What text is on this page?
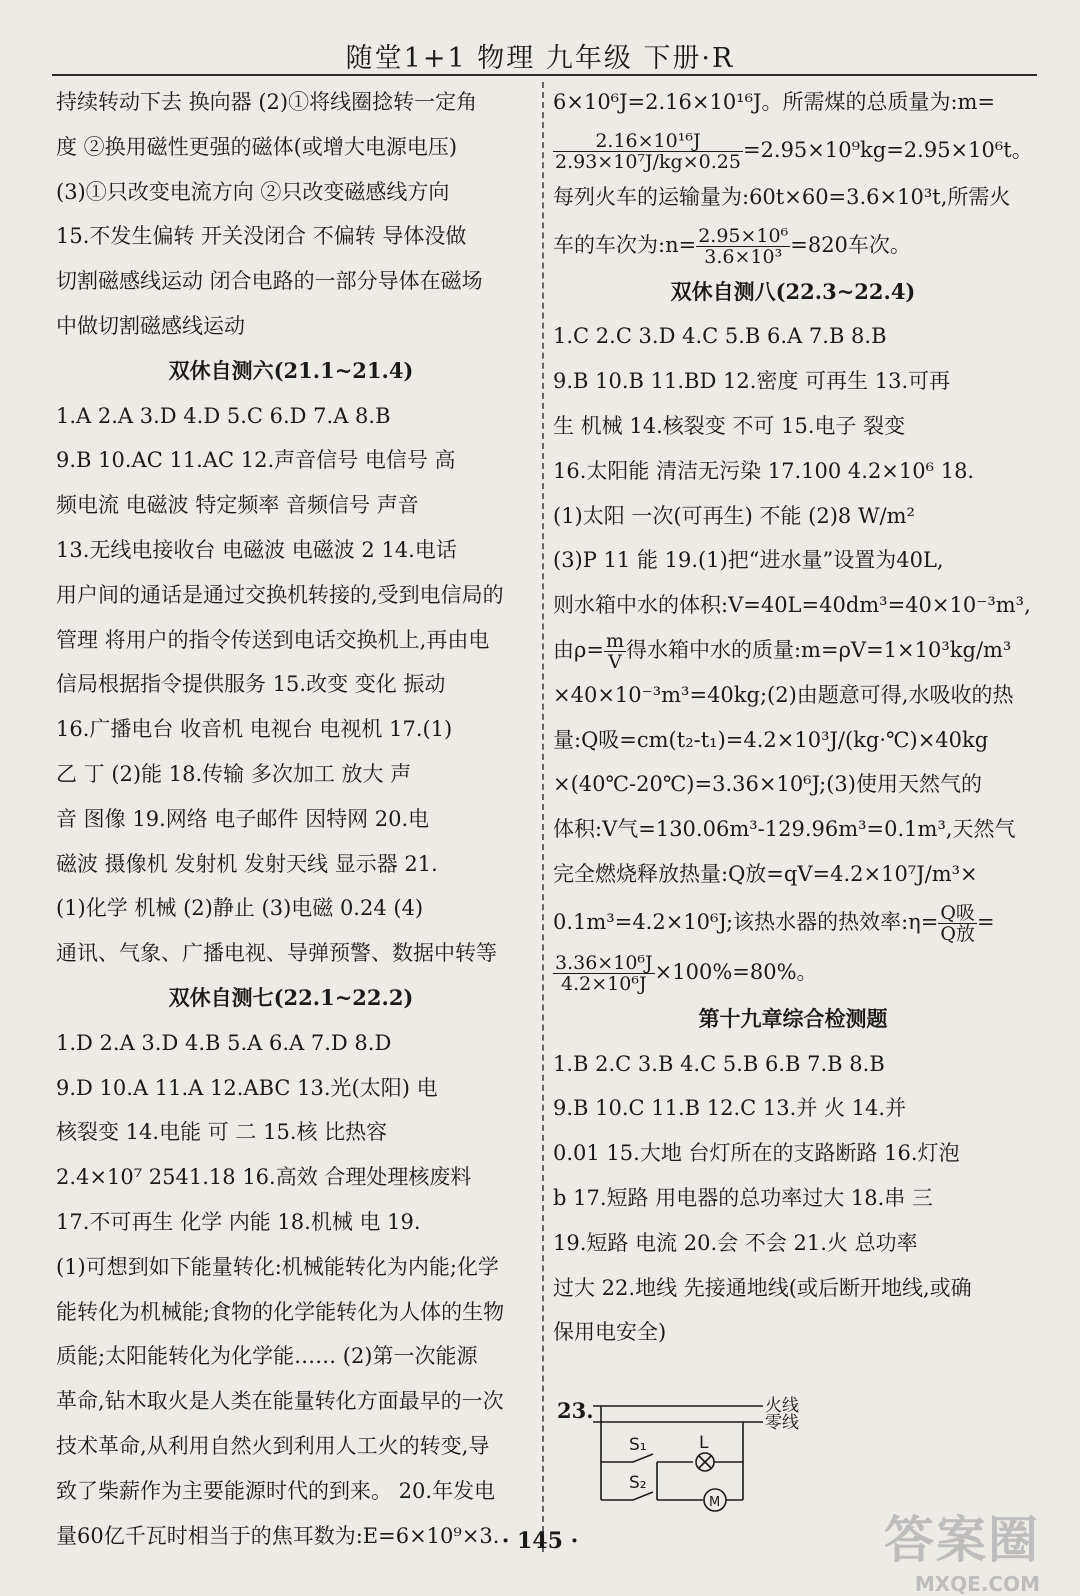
随堂1+1 物理 九年级 下册·R
持续转动下去 换向器 (2)①将线圈捻转一定角
度 ②换用磁性更强的磁体(或增大电源电压)
(3)①只改变电流方向 ②只改变磁感线方向
15.不发生偏转 开关没闭合 不偏转 导体没做
切割磁感线运动 闭合电路的一部分导体在磁场
中做切割磁感线运动
双休自测六(21.1~21.4)
1.A 2.A 3.D 4.D 5.C 6.D 7.A 8.B
9.B 10.AC 11.AC 12.声音信号 电信号 高
频电流 电磁波 特定频率 音频信号 声音
13.无线电接收台 电磁波 电磁波 2 14.电话
用户间的通话是通过交换机转接的,受到电信局的
管理 将用户的指令传送到电话交换机上,再由电
信局根据指令提供服务 15.改变 变化 振动
16.广播电台 收音机 电视台 电视机 17.(1)
乙 丁 (2)能 18.传输 多次加工 放大 声
音 图像 19.网络 电子邮件 因特网 20.电
磁波 摄像机 发射机 发射天线 显示器 21.
(1)化学 机械 (2)静止 (3)电磁 0.24 (4)
通讯、气象、广播电视、导弹预警、数据中转等
双休自测七(22.1~22.2)
1.D 2.A 3.D 4.B 5.A 6.A 7.D 8.D
9.D 10.A 11.A 12.ABC 13.光(太阳) 电
核裂变 14.电能 可 二 15.核 比热容
2.4×10⁷ 2541.18 16.高效 合理处理核废料
17.不可再生 化学 内能 18.机械 电 19.
(1)可想到如下能量转化:机械能转化为内能;化学
能转化为机械能;食物的化学能转化为人体的生物
质能;太阳能转化为化学能…… (2)第一次能源
革命,钻木取火是人类在能量转化方面最早的一次
技术革命,从利用自然火到利用人工火的转变,导
致了柴薪作为主要能源时代的到来。 20.年发电
量60亿千瓦时相当于的焦耳数为:E=6×10⁹×3.
6×10⁶J=2.16×10¹⁶J。所需煤的总质量为:m=
$\frac{\text{2.16×10¹⁶J}}{\text{2.93×10⁷J/kg×0.25}} =2.95\times 10^9kg=2.95\times 10^6t$。
每列火车的运输量为:60t×60=3.6×10³t,所需火
车的车次为:n= $\frac{\text{2.95×10⁶}}{\text{3.6×10³}} =820$车次。
双休自测八(22.3~22.4)
1.C 2.C 3.D 4.C 5.B 6.A 7.B 8.B
9.B 10.B 11.BD 12.密度 可再生 13.可再
生 机械 14.核裂变 不可 15.电子 裂变
16.太阳能 清洁无污染 17.100 4.2×10⁶ 18.
(1)太阳 一次(可再生) 不能 (2)8 W/m²
(3)P 11 能 19.(1)把“进水量”设置为40L,
则水箱中水的体积:V=40L=40dm³=40×10⁻³m³,
由$\rho= \frac{m}{V}$ 得水箱中水的质量:m=ρV=1×10³kg/m³
×40×10⁻³m³=40kg;(2)由题意可得,水吸收的热
量:Q吸=cm(t₂-t₁)=4.2×10³J/(kg·℃)×40kg
×(40℃-20℃)=3.36×10⁶J;(3)使用天然气的
体积:V气=130.06m³-129.96m³=0.1m³,天然气
完全燃烧释放热量:Q放=qV=4.2×10⁷J/m³×
0.1m³=4.2×10⁶J;该热水器的热效率:η= $\frac{\text{Q吸}}{\text{Q放}}$ =
$\frac{\text{3.36×10⁶J}}{\text{4.2×10⁶J}} \times 100\%=80\%$。
第十九章综合检测题
1.B 2.C 3.B 4.C 5.B 6.B 7.B 8.B
9.B 10.C 11.B 12.C 13.并 火 14.并
0.01 15.大地 台灯所在的支路断路 16.灯泡
b 17.短路 用电器的总功率过大 18.串 三
19.短路 电流 20.会 不会 21.火 总功率
过大 22.地线 先接通地线(或后断开地线,或确
保用电安全)
23.	火线
零线
S₁
S₂
L
M
· 145 ·	答案圈
MXQE.COM
